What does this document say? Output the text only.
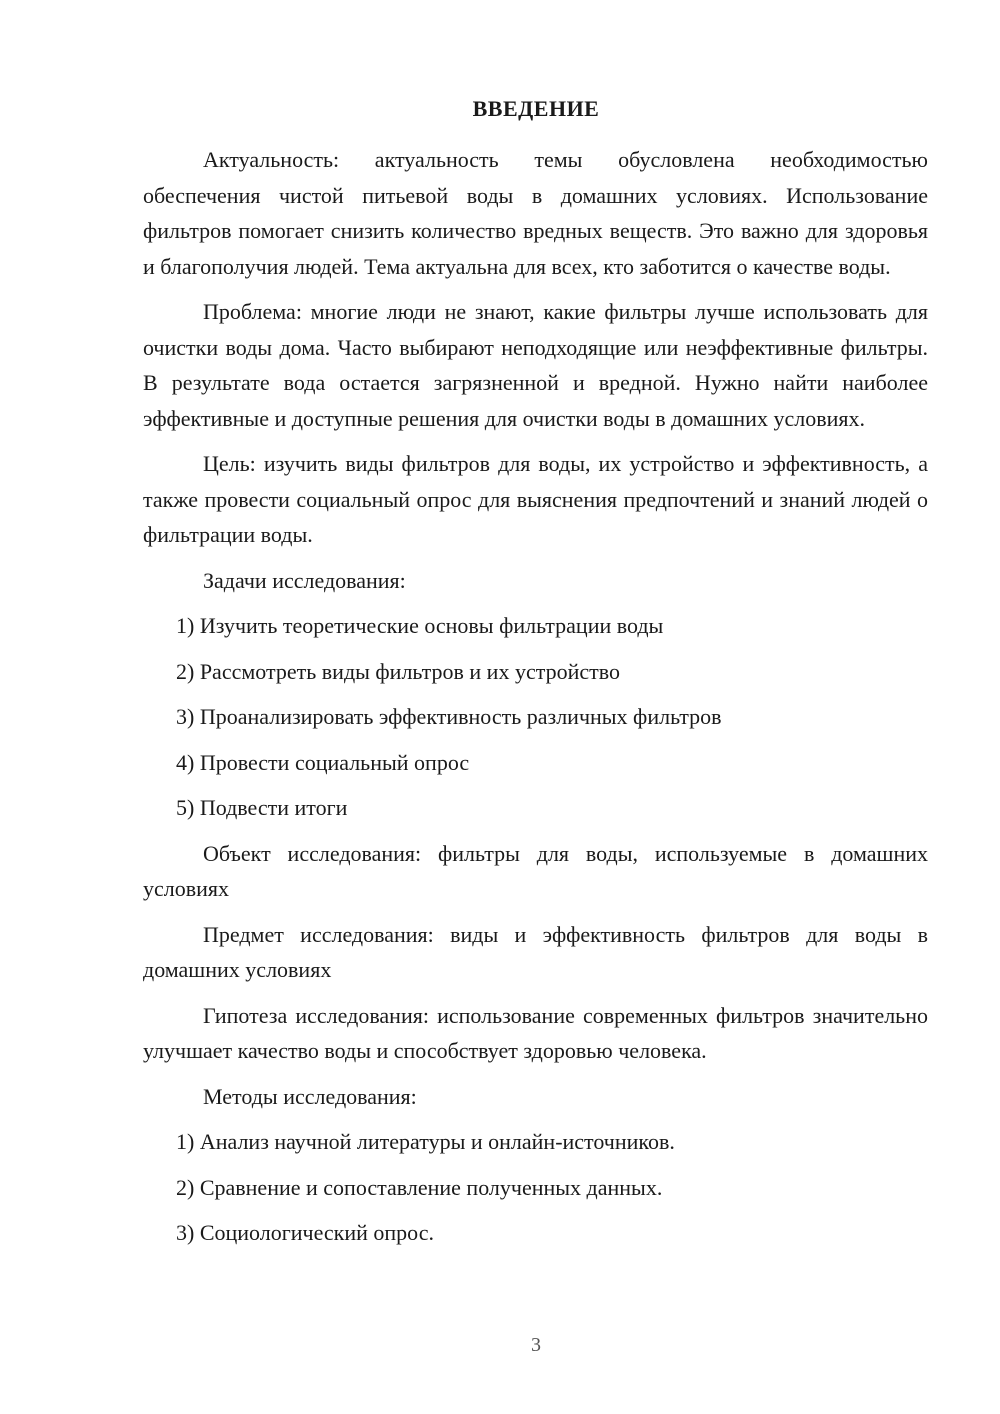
ВВЕДЕНИЕ

Актуальность: актуальность темы обусловлена необходимостью обеспечения чистой питьевой воды в домашних условиях. Использование фильтров помогает снизить количество вредных веществ. Это важно для здоровья и благополучия людей. Тема актуальна для всех, кто заботится о качестве воды.

Проблема: многие люди не знают, какие фильтры лучше использовать для очистки воды дома. Часто выбирают неподходящие или неэффективные фильтры. В результате вода остается загрязненной и вредной. Нужно найти наиболее эффективные и доступные решения для очистки воды в домашних условиях.

Цель: изучить виды фильтров для воды, их устройство и эффективность, а также провести социальный опрос для выяснения предпочтений и знаний людей о фильтрации воды.

Задачи исследования:

1) Изучить теоретические основы фильтрации воды
2) Рассмотреть виды фильтров и их устройство
3) Проанализировать эффективность различных фильтров
4) Провести социальный опрос
5) Подвести итоги

Объект исследования: фильтры для воды, используемые в домашних условиях

Предмет исследования: виды и эффективность фильтров для воды в домашних условиях

Гипотеза исследования: использование современных фильтров значительно улучшает качество воды и способствует здоровью человека.

Методы исследования:

1) Анализ научной литературы и онлайн-источников.
2) Сравнение и сопоставление полученных данных.
3) Социологический опрос.
3
